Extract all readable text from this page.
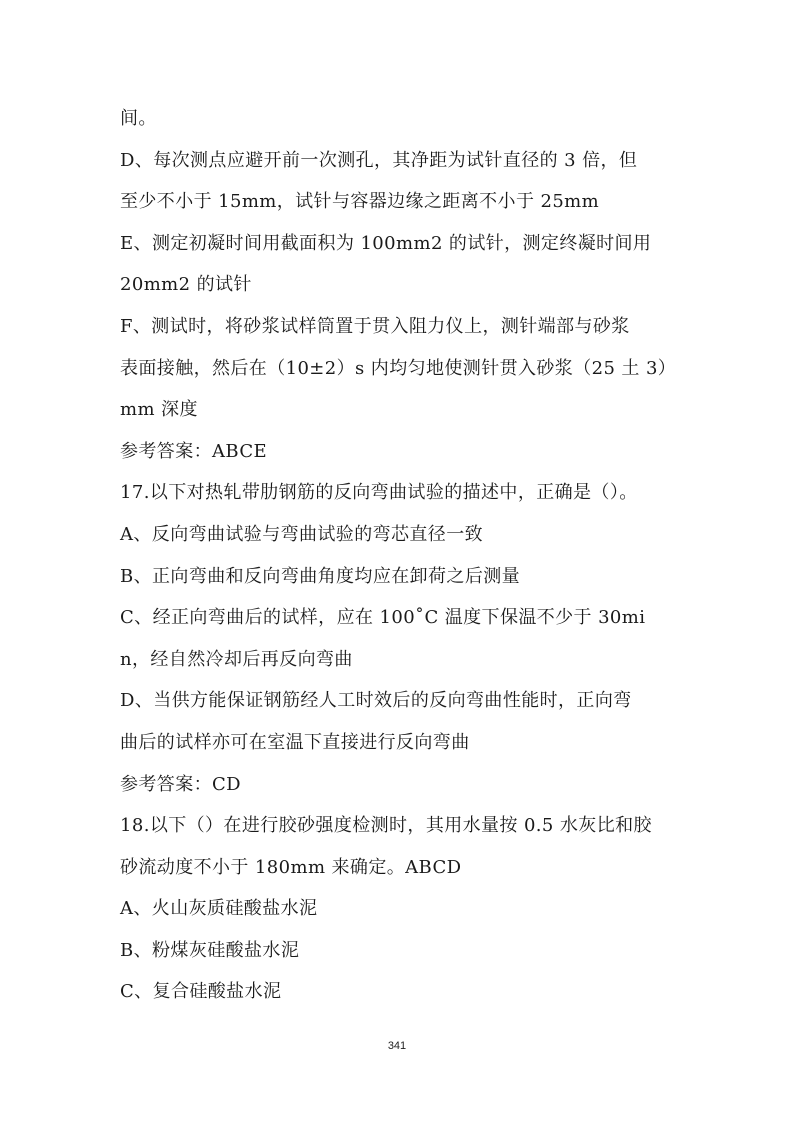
间。
D、每次测点应避开前一次测孔，其净距为试针直径的 3 倍，但
至少不小于 15mm，试针与容器边缘之距离不小于 25mm
E、测定初凝时间用截面积为 100mm2 的试针，测定终凝时间用
20mm2 的试针
F、测试时，将砂浆试样筒置于贯入阻力仪上，测针端部与砂浆
表面接触，然后在（10±2）s 内均匀地使测针贯入砂浆（25 土 3）
mm 深度
参考答案：ABCE
17.以下对热轧带肋钢筋的反向弯曲试验的描述中，正确是（）。
A、反向弯曲试验与弯曲试验的弯芯直径一致
B、正向弯曲和反向弯曲角度均应在卸荷之后测量
C、经正向弯曲后的试样，应在 100˚C 温度下保温不少于 30mi
n，经自然冷却后再反向弯曲
D、当供方能保证钢筋经人工时效后的反向弯曲性能时，正向弯
曲后的试样亦可在室温下直接进行反向弯曲
参考答案：CD
18.以下（）在进行胶砂强度检测时，其用水量按 0.5 水灰比和胶
砂流动度不小于 180mm 来确定。ABCD
A、火山灰质硅酸盐水泥
B、粉煤灰硅酸盐水泥
C、复合硅酸盐水泥
341
